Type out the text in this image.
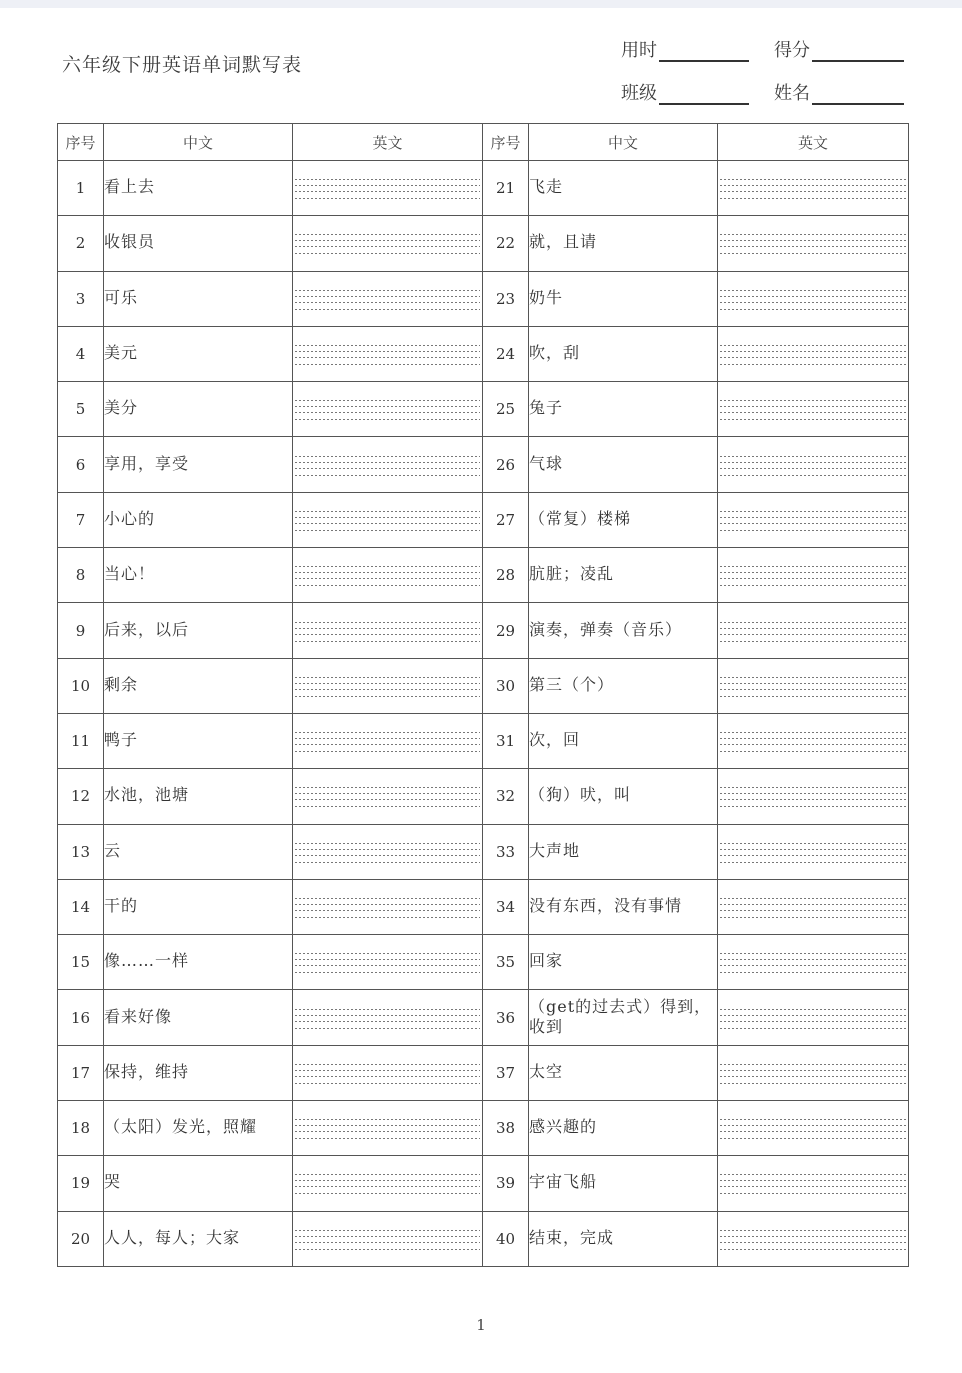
六年级下册英语单词默写表
用时	得分
班级	姓名
序号	中文	英文	序号	中文	英文
1	看上去		21	飞走	

2	收银员		22	就，且请	

3	可乐		23	奶牛	

4	美元		24	吹，刮	

5	美分		25	兔子	

6	享用，享受		26	气球	

7	小心的		27	（常复）楼梯	

8	当心！		28	肮脏；凌乱	

9	后来，以后		29	演奏，弹奏（音乐）	

10	剩余		30	第三（个）	

11	鸭子		31	次，回	

12	水池，池塘		32	（狗）吠，叫	

13	云		33	大声地	

14	干的		34	没有东西，没有事情	

15	像……一样		35	回家	

16	看来好像		36	（get的过去式）得到，收到	

17	保持，维持		37	太空	

18	（太阳）发光，照耀		38	感兴趣的	

19	哭		39	宇宙飞船	

20	人人，每人；大家		40	结束，完成	

1
